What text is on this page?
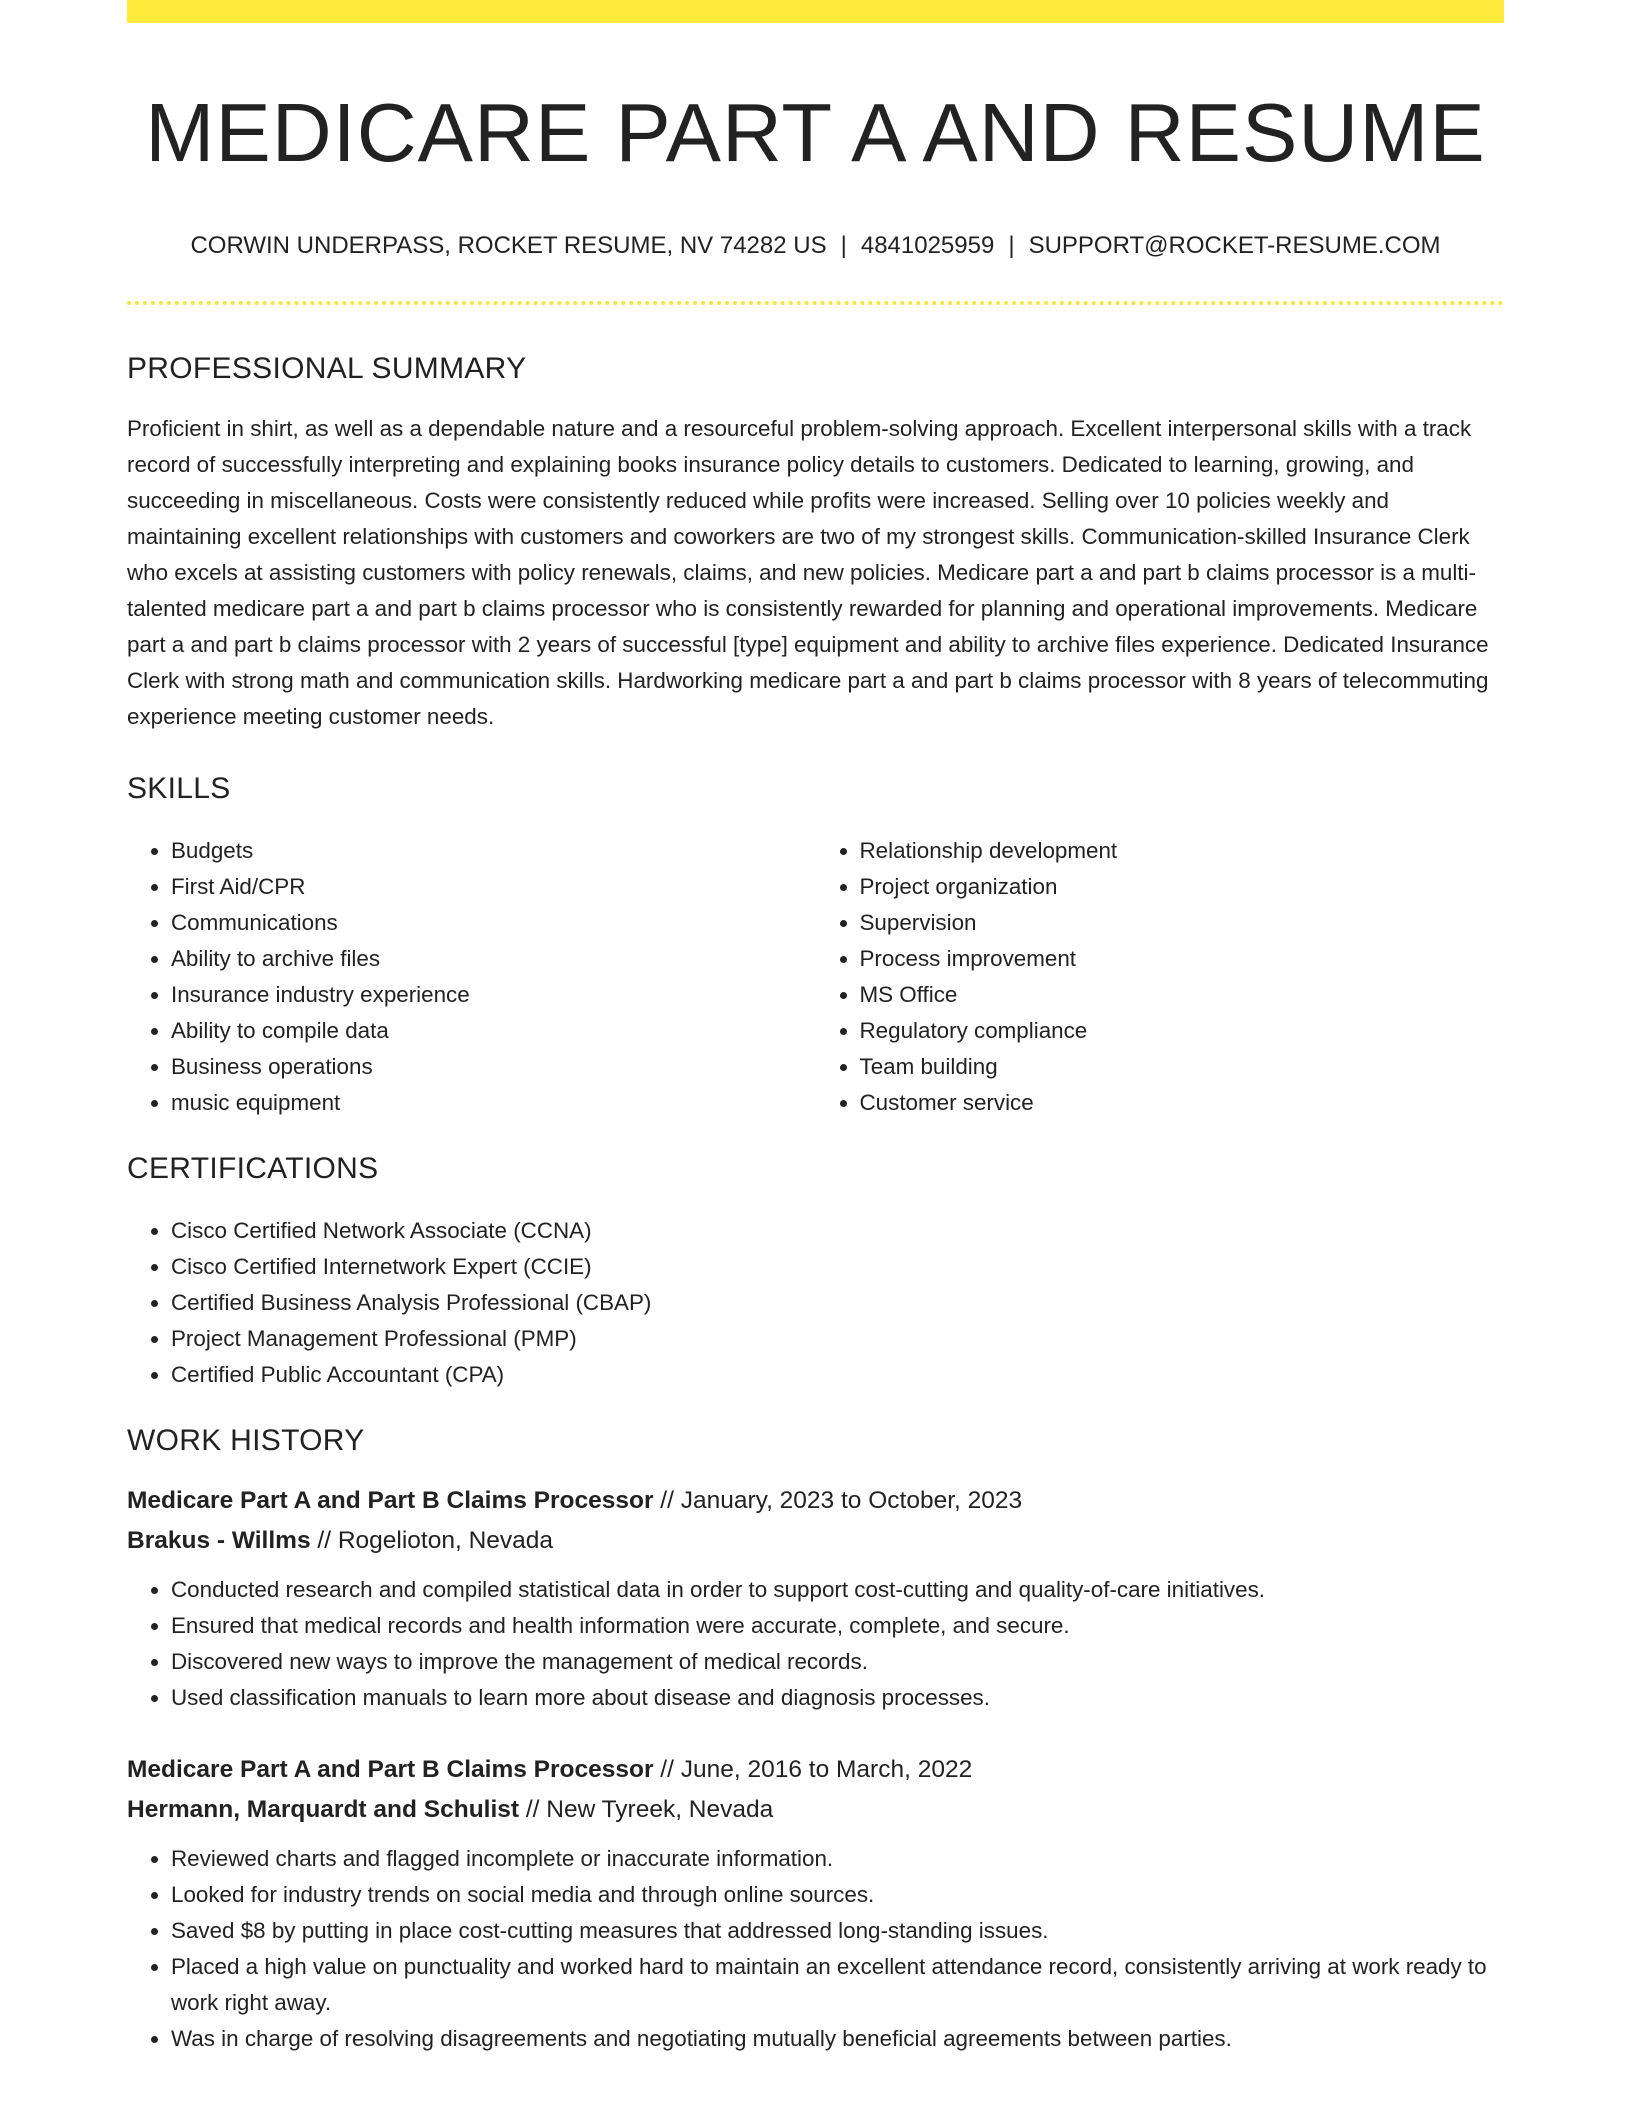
MEDICARE PART A AND RESUME
CORWIN UNDERPASS, ROCKET RESUME, NV 74282 US | 4841025959 | SUPPORT@ROCKET-RESUME.COM
PROFESSIONAL SUMMARY

Proficient in shirt, as well as a dependable nature and a resourceful problem-solving approach. Excellent interpersonal skills with a track record of successfully interpreting and explaining books insurance policy details to customers. Dedicated to learning, growing, and succeeding in miscellaneous. Costs were consistently reduced while profits were increased. Selling over 10 policies weekly and maintaining excellent relationships with customers and coworkers are two of my strongest skills. Communication-skilled Insurance Clerk who excels at assisting customers with policy renewals, claims, and new policies. Medicare part a and part b claims processor is a multi-talented medicare part a and part b claims processor who is consistently rewarded for planning and operational improvements. Medicare part a and part b claims processor with 2 years of successful [type] equipment and ability to archive files experience. Dedicated Insurance Clerk with strong math and communication skills. Hardworking medicare part a and part b claims processor with 8 years of telecommuting experience meeting customer needs.

SKILLS
• Budgets
• First Aid/CPR
• Communications
• Ability to archive files
• Insurance industry experience
• Ability to compile data
• Business operations
• music equipment
• Relationship development
• Project organization
• Supervision
• Process improvement
• MS Office
• Regulatory compliance
• Team building
• Customer service
CERTIFICATIONS
• Cisco Certified Network Associate (CCNA)
• Cisco Certified Internetwork Expert (CCIE)
• Certified Business Analysis Professional (CBAP)
• Project Management Professional (PMP)
• Certified Public Accountant (CPA)
WORK HISTORY
Medicare Part A and Part B Claims Processor // January, 2023 to October, 2023
Brakus - Willms // Rogelioton, Nevada
• Conducted research and compiled statistical data in order to support cost-cutting and quality-of-care initiatives.
• Ensured that medical records and health information were accurate, complete, and secure.
• Discovered new ways to improve the management of medical records.
• Used classification manuals to learn more about disease and diagnosis processes.
Medicare Part A and Part B Claims Processor // June, 2016 to March, 2022
Hermann, Marquardt and Schulist // New Tyreek, Nevada
• Reviewed charts and flagged incomplete or inaccurate information.
• Looked for industry trends on social media and through online sources.
• Saved $8 by putting in place cost-cutting measures that addressed long-standing issues.
• Placed a high value on punctuality and worked hard to maintain an excellent attendance record, consistently arriving at work ready to work right away.
• Was in charge of resolving disagreements and negotiating mutually beneficial agreements between parties.
